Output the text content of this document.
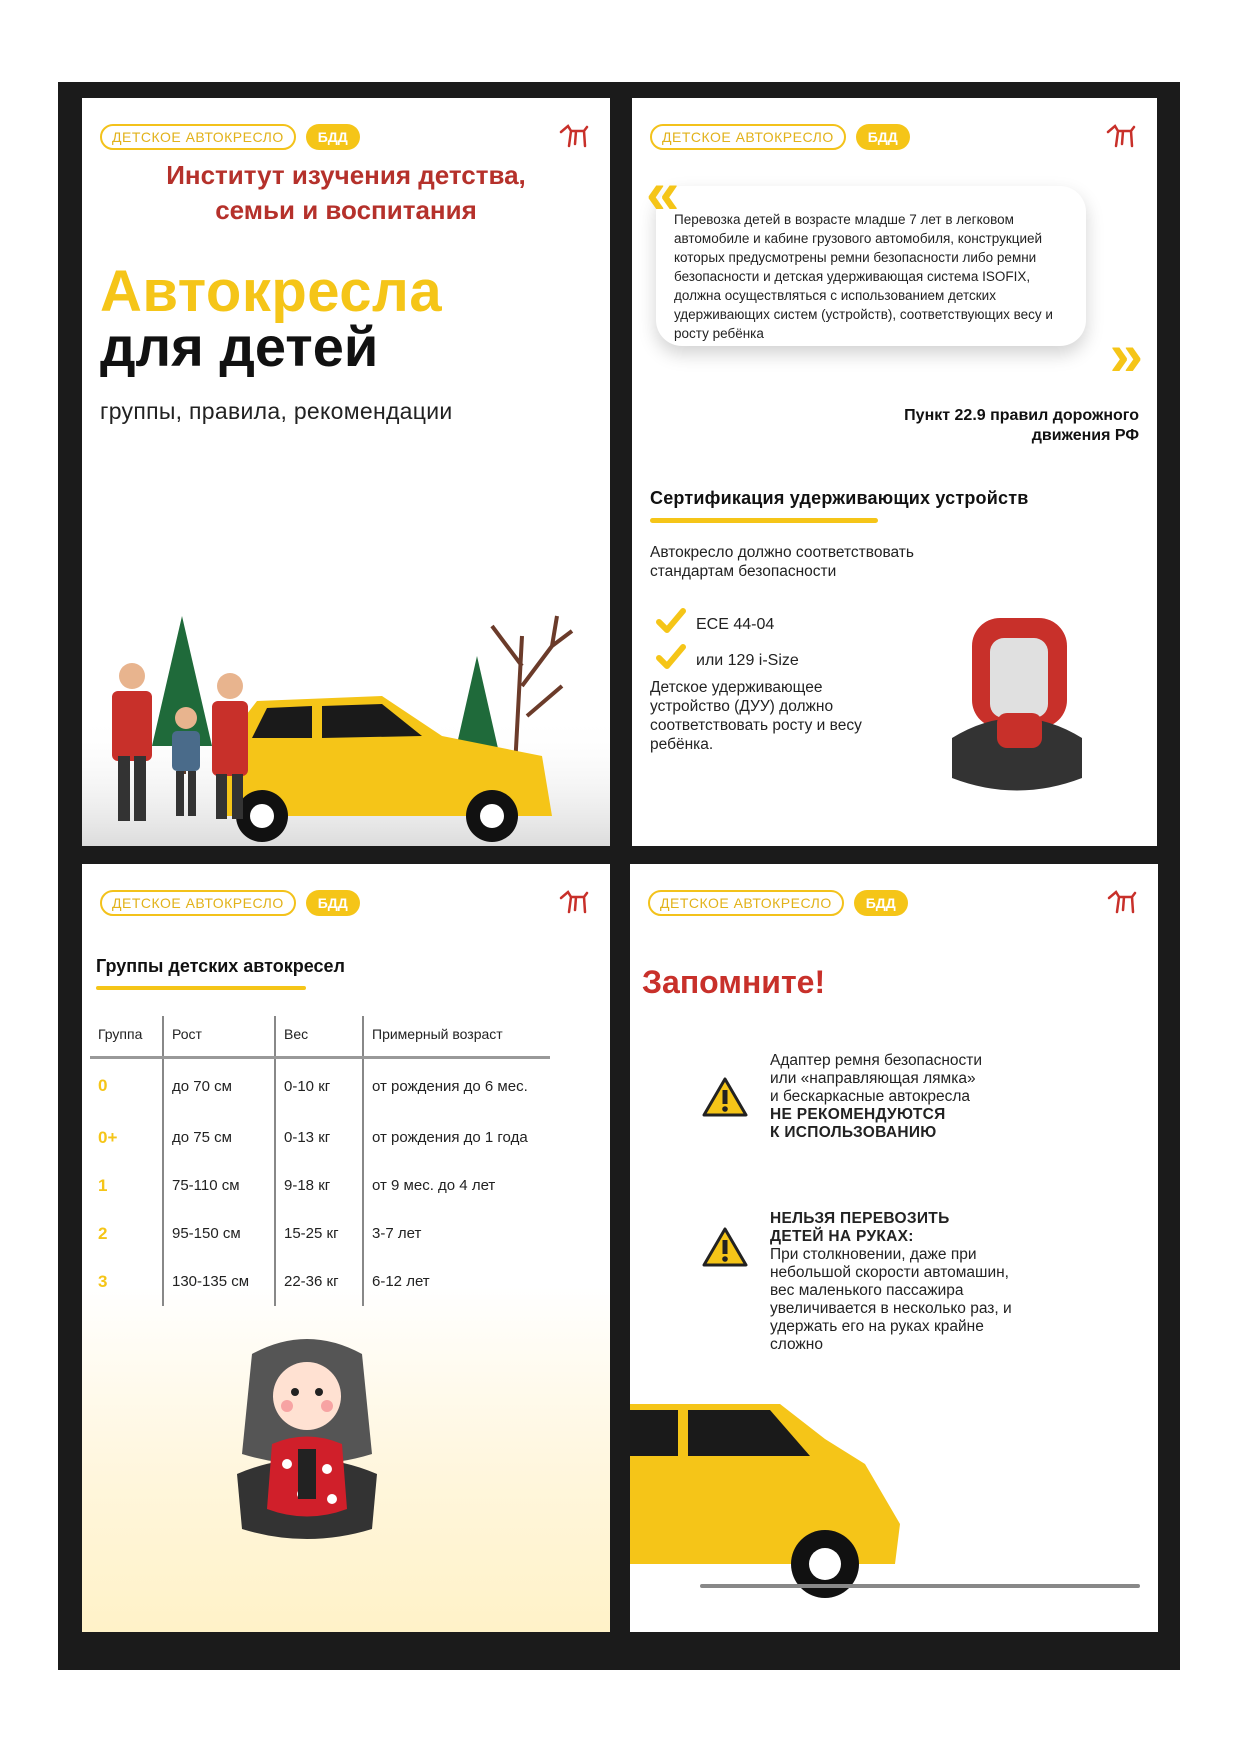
ДЕТСКОЕ АВТОКРЕСЛО	БДД
Институт изучения детства,
семьи и воспитания
Автокресла
для детей
группы, правила, рекомендации
ДЕТСКОЕ АВТОКРЕСЛО	БДД
Перевозка детей в возрасте младше 7 лет в легковом автомобиле и кабине грузового автомобиля, конструкцией которых предусмотрены ремни безопасности либо ремни безопасности и детская удерживающая система ISOFIX, должна осуществляться с использованием детских удерживающих систем (устройств), соответствующих весу и росту ребёнка
«
»
Пункт 22.9 правил дорожного движения РФ
Сертификация удерживающих устройств
Автокресло должно соответствовать стандартам безопасности
ECE 44-04
или 129 i-Size
Детское удерживающее устройство (ДУУ) должно соответствовать росту и весу ребёнка.
ДЕТСКОЕ АВТОКРЕСЛО	БДД
Группы детских автокресел
Группа	Рост	Вес	Примерный возраст
0	до 70 см	0-10 кг	от рождения до 6 мес.
0+	до 75 см	0-13 кг	от рождения до 1 года
1	75-110 см	9-18 кг	от 9 мес. до 4 лет
2	95-150 см	15-25 кг	3-7 лет
3	130-135 см	22-36 кг	6-12 лет
ДЕТСКОЕ АВТОКРЕСЛО	БДД
Запомните!
Адаптер ремня безопасности
или «направляющая лямка»
и бескаркасные автокресла
НЕ РЕКОМЕНДУЮТСЯ
К ИСПОЛЬЗОВАНИЮ
НЕЛЬЗЯ ПЕРЕВОЗИТЬ
ДЕТЕЙ НА РУКАХ:
При столкновении, даже при небольшой скорости автомашин, вес маленького пассажира увеличивается в несколько раз, и удержать его на руках крайне сложно
